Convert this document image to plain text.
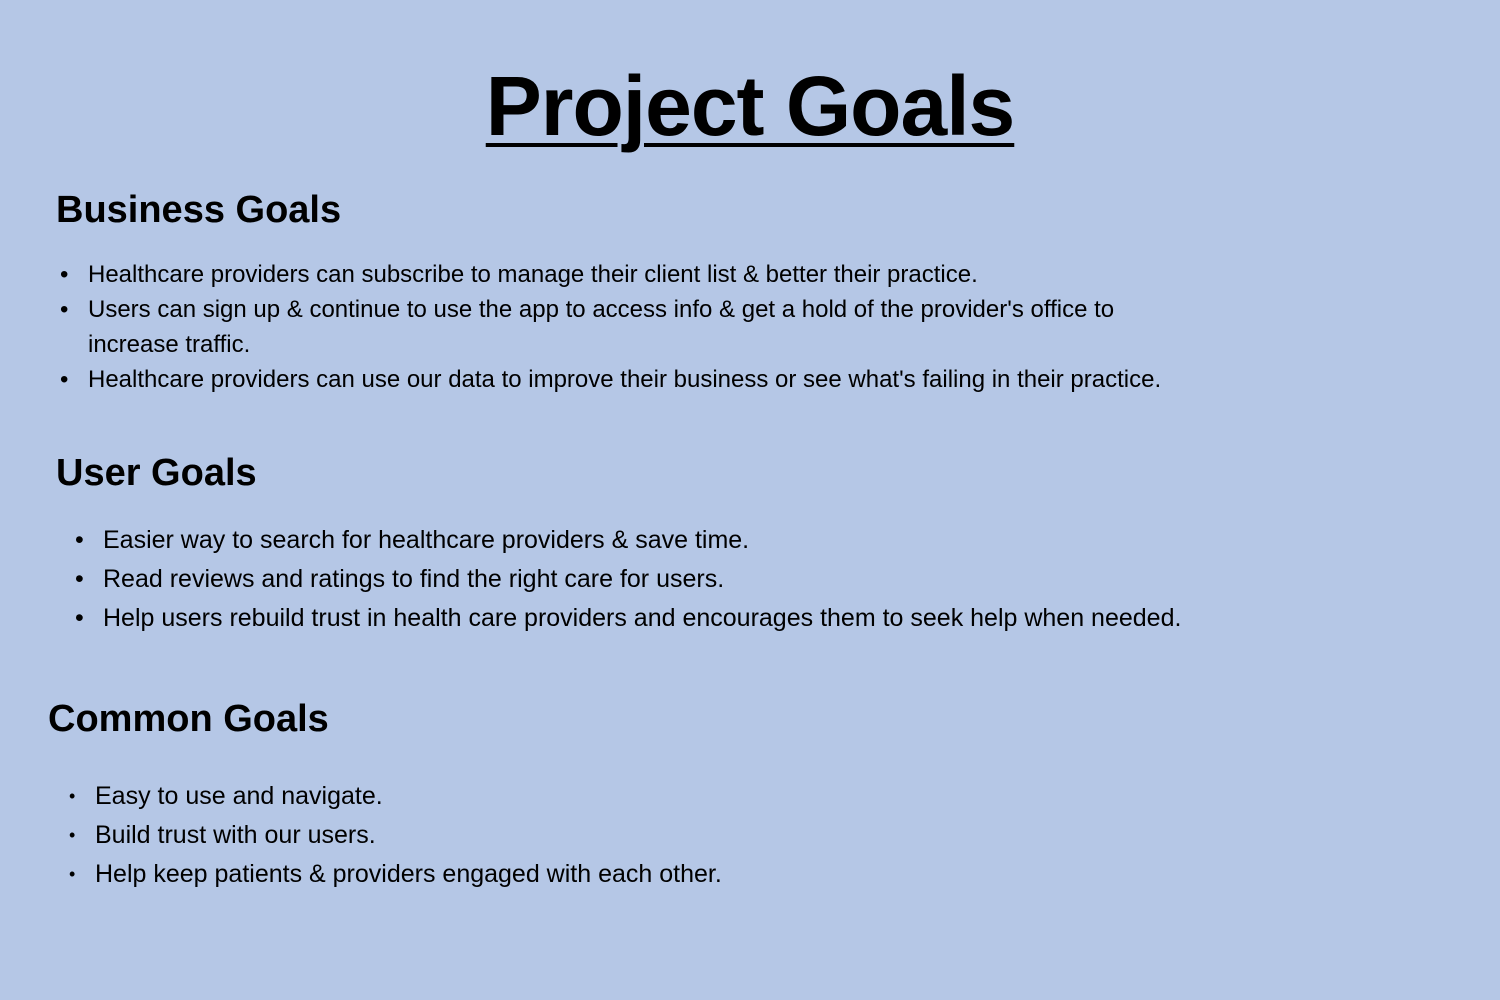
Project Goals
Business Goals
• Healthcare providers can subscribe to manage their client list & better their practice.
• Users can sign up & continue to use the app to access info & get a hold of the provider's office to increase traffic.
• Healthcare providers can use our data to improve their business or see what's failing in their practice.
User Goals
• Easier way to search for healthcare providers & save time.
• Read reviews and ratings to find the right care for users.
• Help users rebuild trust in health care providers and encourages them to seek help when needed.
Common Goals
• Easy to use and navigate.
• Build trust with our users.
• Help keep patients & providers engaged with each other.
